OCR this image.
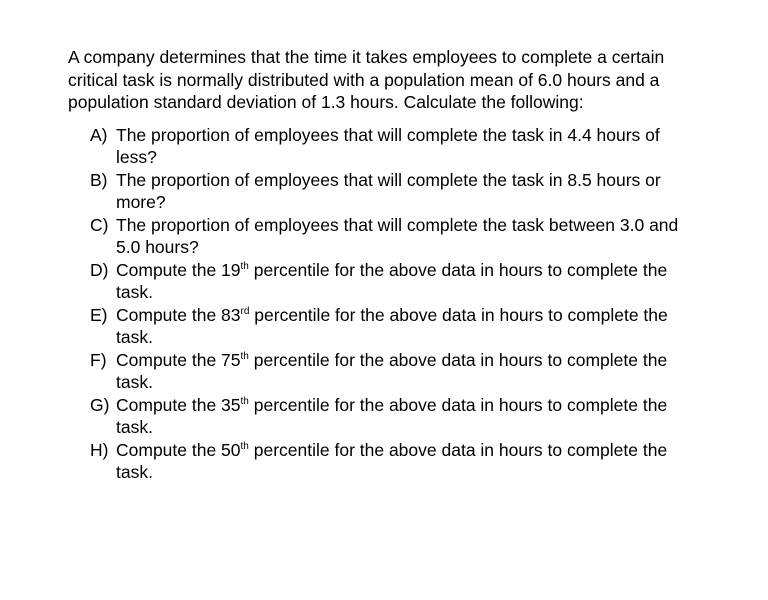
A company determines that the time it takes employees to complete a certain critical task is normally distributed with a population mean of 6.0 hours and a population standard deviation of 1.3 hours. Calculate the following:

A) The proportion of employees that will complete the task in 4.4 hours of less?
B) The proportion of employees that will complete the task in 8.5 hours or more?
C) The proportion of employees that will complete the task between 3.0 and 5.0 hours?
D) Compute the 19th percentile for the above data in hours to complete the task.
E) Compute the 83rd percentile for the above data in hours to complete the task.
F) Compute the 75th percentile for the above data in hours to complete the task.
G) Compute the 35th percentile for the above data in hours to complete the task.
H) Compute the 50th percentile for the above data in hours to complete the task.
